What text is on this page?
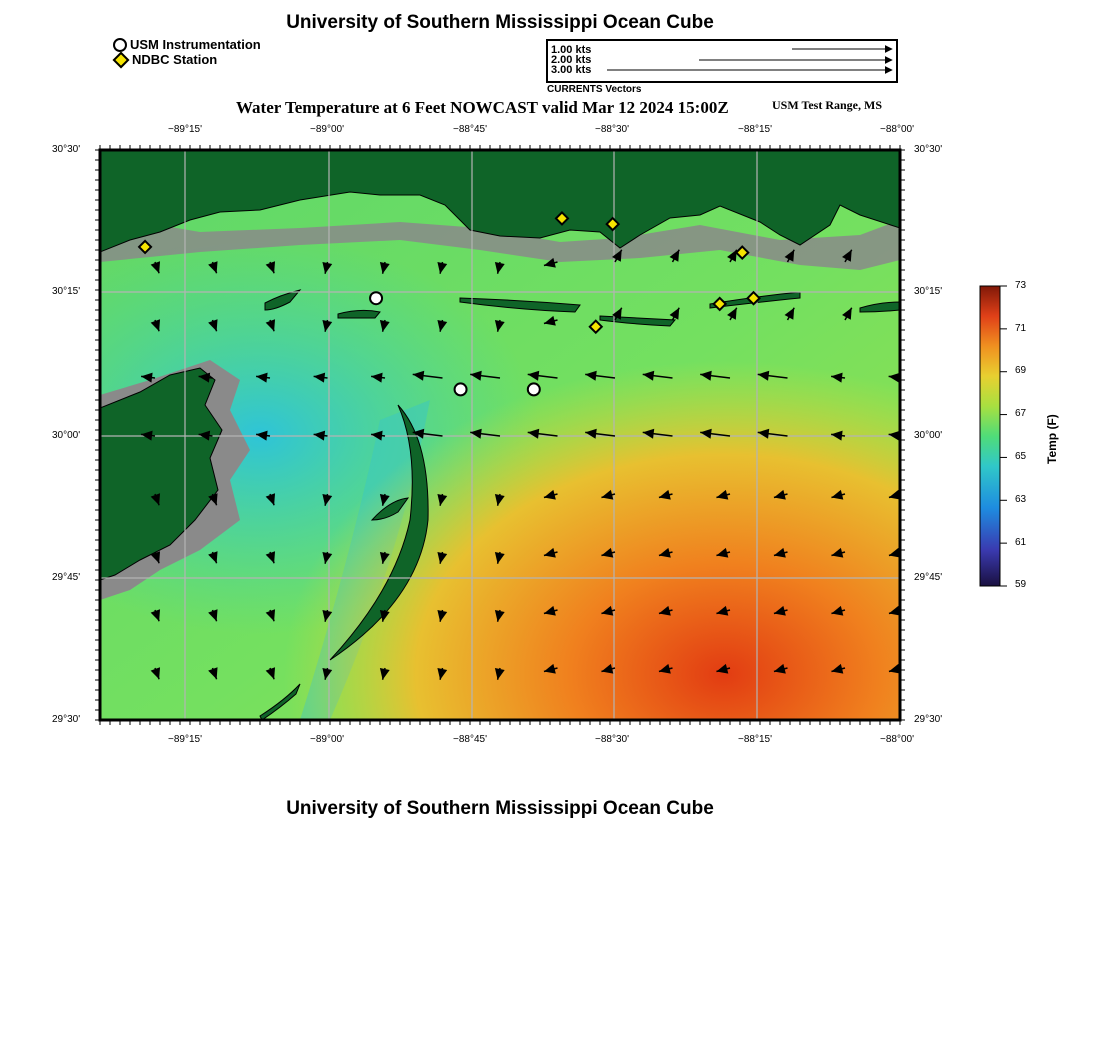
University of Southern Mississippi Ocean Cube
USM Instrumentation
NDBC Station
1.00 kts
2.00 kts
3.00 kts
CURRENTS Vectors
Water Temperature at 6 Feet NOWCAST valid Mar 12 2024 15:00Z	USM Test Range, MS
−89°15'	−89°00'	−88°45'	−88°30'	−88°15'	−88°00'
−89°15'	−89°00'	−88°45'	−88°30'	−88°15'	−88°00'
30°30'
30°15'
30°00'
29°45'
29°30'
30°30'
30°15'
30°00'
29°45'
29°30'
73
71
69
67
65
63
61
59
Temp (F)
University of Southern Mississippi Ocean Cube
